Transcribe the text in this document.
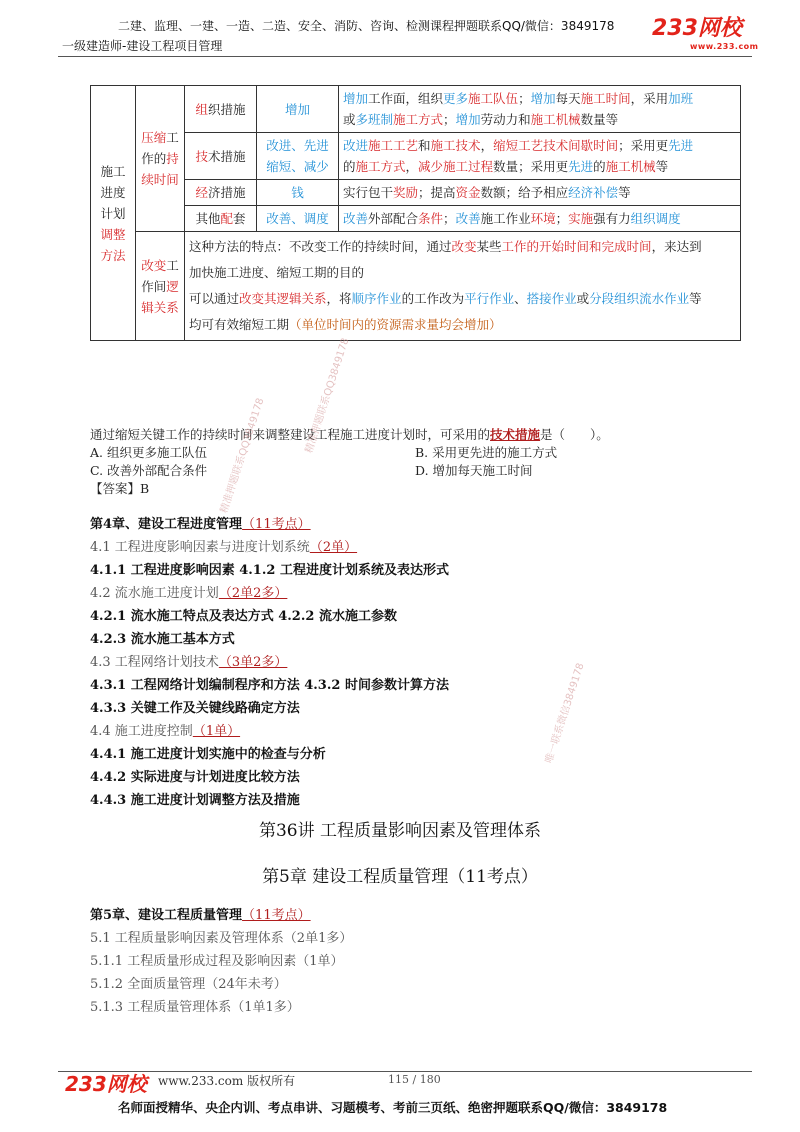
二建、监理、一建、一造、二造、安全、消防、咨询、检测课程押题联系QQ/微信：3849178
一级建造师-建设工程项目管理
233网校
www.233.com
施工
进度
计划
调整
方法	压缩工
作的持
续时间	组织措施	增加	增加工作面，组织更多施工队伍；增加每天施工时间，采用加班
或多班制施工方式；增加劳动力和施工机械数量等
		技术措施	改进、先进
缩短、减少	改进施工工艺和施工技术，缩短工艺技术间歇时间；采用更先进
的施工方式，减少施工过程数量；采用更先进的施工机械等
		经济措施	钱	实行包干奖励；提高资金数额；给予相应经济补偿等
		其他配套	改善、调度	改善外部配合条件；改善施工作业环境；实施强有力组织调度
	改变工
作间逻
辑关系	这种方法的特点：不改变工作的持续时间，通过改变某些工作的开始时间和完成时间，来达到
加快施工进度、缩短工期的目的
可以通过改变其逻辑关系，将顺序作业的工作改为平行作业、搭接作业或分段组织流水作业等
均可有效缩短工期（单位时间内的资源需求量均会增加）		
通过缩短关键工作的持续时间来调整建设工程施工进度计划时，可采用的技术措施是（　　）。
A. 组织更多施工队伍	B. 采用更先进的施工方式
C. 改善外部配合条件	D. 增加每天施工时间
【答案】B
第4章、建设工程进度管理（11考点）
4.1 工程进度影响因素与进度计划系统（2单）
4.1.1 工程进度影响因素 4.1.2 工程进度计划系统及表达形式
4.2 流水施工进度计划（2单2多）
4.2.1 流水施工特点及表达方式 4.2.2 流水施工参数
4.2.3 流水施工基本方式
4.3 工程网络计划技术（3单2多）
4.3.1 工程网络计划编制程序和方法 4.3.2 时间参数计算方法
4.3.3 关键工作及关键线路确定方法
4.4 施工进度控制（1单）
4.4.1 施工进度计划实施中的检查与分析
4.4.2 实际进度与计划进度比较方法
4.4.3 施工进度计划调整方法及措施
第36讲 工程质量影响因素及管理体系
第5章 建设工程质量管理（11考点）
第5章、建设工程质量管理（11考点）
5.1 工程质量影响因素及管理体系（2单1多）
5.1.1 工程质量形成过程及影响因素（1单）
5.1.2 全面质量管理（24年未考）
5.1.3 工程质量管理体系（1单1多）
精准押题联系QQ3849178
精准押题联系QQ3849178
唯一联系微信3849178
233网校 www.233.com 版权所有	115 / 180
名师面授精华、央企内训、考点串讲、习题模考、考前三页纸、绝密押题联系QQ/微信：3849178
